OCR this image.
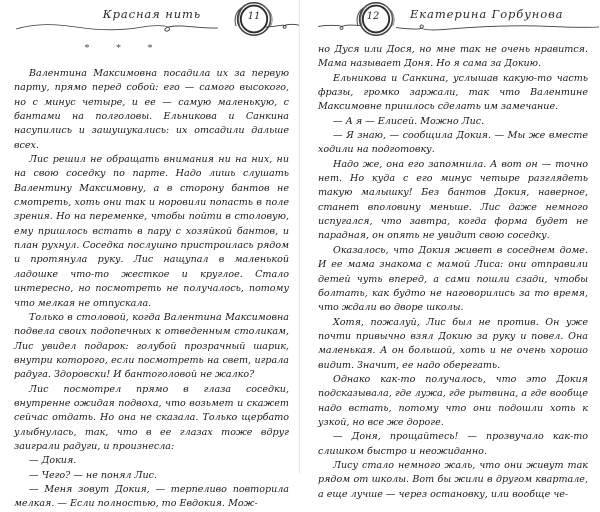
Красная нить	11
* * *

Валентина Максимовна посадила их за первую парту, прямо перед собой: его — самого высокого, но с минус четыре, и ее — самую маленькую, с бантами на полголовы. Ельникова и Санкина насупились и зашушукались: их отсадили дальше всех.

Лис решил не обращать внимания ни на них, ни на свою соседку по парте. Надо лишь слушать Валентину Максимовну, а в сторону бантов не смотреть, хоть они так и норовили попасть в поле зрения. Но на переменке, чтобы пойти в столовую, ему пришлось встать в пару с хозяйкой бантов, и план рухнул. Соседка послушно пристроилась рядом и протянула руку. Лис нащупал в маленькой ладошке что-то жесткое и круглое. Стало интересно, но посмотреть не получалось, потому что мелкая не отпускала.

Только в столовой, когда Валентина Максимовна подвела своих подопечных к отведенным столикам, Лис увидел подарок: голубой прозрачный шарик, внутри которого, если посмотреть на свет, играла радуга. Здоровски! И бантоголовой не жалко?

Лис посмотрел прямо в глаза соседки, внутренне ожидая подвоха, что возьмет и скажет сейчас отдать. Но она не сказала. Только щербато улыбнулась, так, что в ее глазах тоже вдруг заиграли радуги, и произнесла:

— Докия.

— Чего? — не понял Лис.

— Меня зовут Докия, — терпеливо повторила мелкая. — Если полностью, то Евдокия. Мож-

Екатерина Горбунова
12

но Дуся или Дося, но мне так не очень нравится. Мама называет Доня. Но я сама за Докию.

Ельникова и Санкина, услышав какую-то часть фразы, громко заржали, так что Валентине Максимовне пришлось сделать им замечание.

— А я — Елисей. Можно Лис.

— Я знаю, — сообщила Докия. — Мы же вместе ходили на подготовку.

Надо же, она его запомнила. А вот он — точно нет. Но куда с его минус четыре разглядеть такую малышку! Без бантов Докия, наверное, станет вполовину меньше. Лис даже немного испугался, что завтра, когда форма будет не парадная, он опять не увидит свою соседку.

Оказалось, что Докия живет в соседнем доме. И ее мама знакома с мамой Лиса: они отправили детей чуть вперед, а сами пошли сзади, чтобы болтать, как будто не наговорились за то время, что ждали во дворе школы.

Хотя, пожалуй, Лис был не против. Он уже почти привычно взял Докию за руку и повел. Она маленькая. А он большой, хоть и не очень хорошо видит. Значит, ее надо оберегать.

Однако как-то получалось, что это Докия подсказывала, где лужа, где рытвина, а где вообще надо встать, потому что они подошли хоть к узкой, но все же дороге.

— Доня, прощайтесь! — прозвучало как-то слишком быстро и неожиданно.

Лису стало немного жаль, что они живут так рядом от школы. Вот бы жили в другом квартале, а еще лучше — через остановку, или вообще че-
